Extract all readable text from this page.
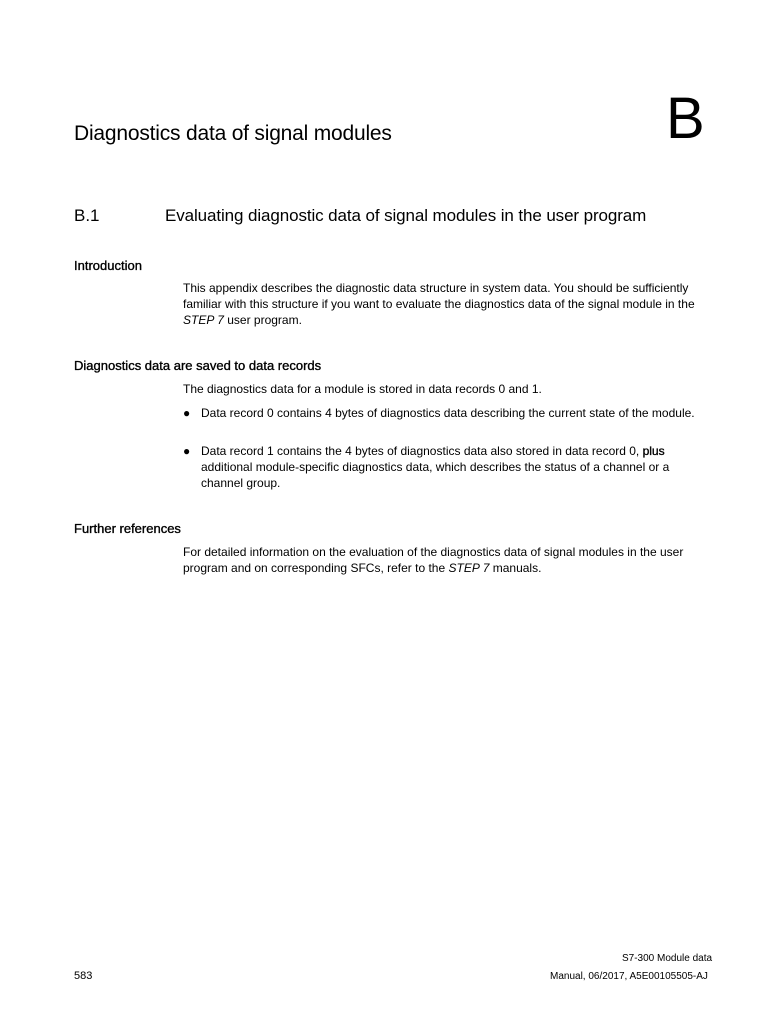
Diagnostics data of signal modules	B
B.1	Evaluating diagnostic data of signal modules in the user program
Introduction
This appendix describes the diagnostic data structure in system data. You should be sufficiently familiar with this structure if you want to evaluate the diagnostics data of the signal module in the STEP 7 user program.
Diagnostics data are saved to data records
The diagnostics data for a module is stored in data records 0 and 1.
● Data record 0 contains 4 bytes of diagnostics data describing the current state of the module.
● Data record 1 contains the 4 bytes of diagnostics data also stored in data record 0, plus additional module-specific diagnostics data, which describes the status of a channel or a channel group.
Further references
For detailed information on the evaluation of the diagnostics data of signal modules in the user program and on corresponding SFCs, refer to the STEP 7 manuals.
S7-300 Module data
583	Manual, 06/2017, A5E00105505-AJ
